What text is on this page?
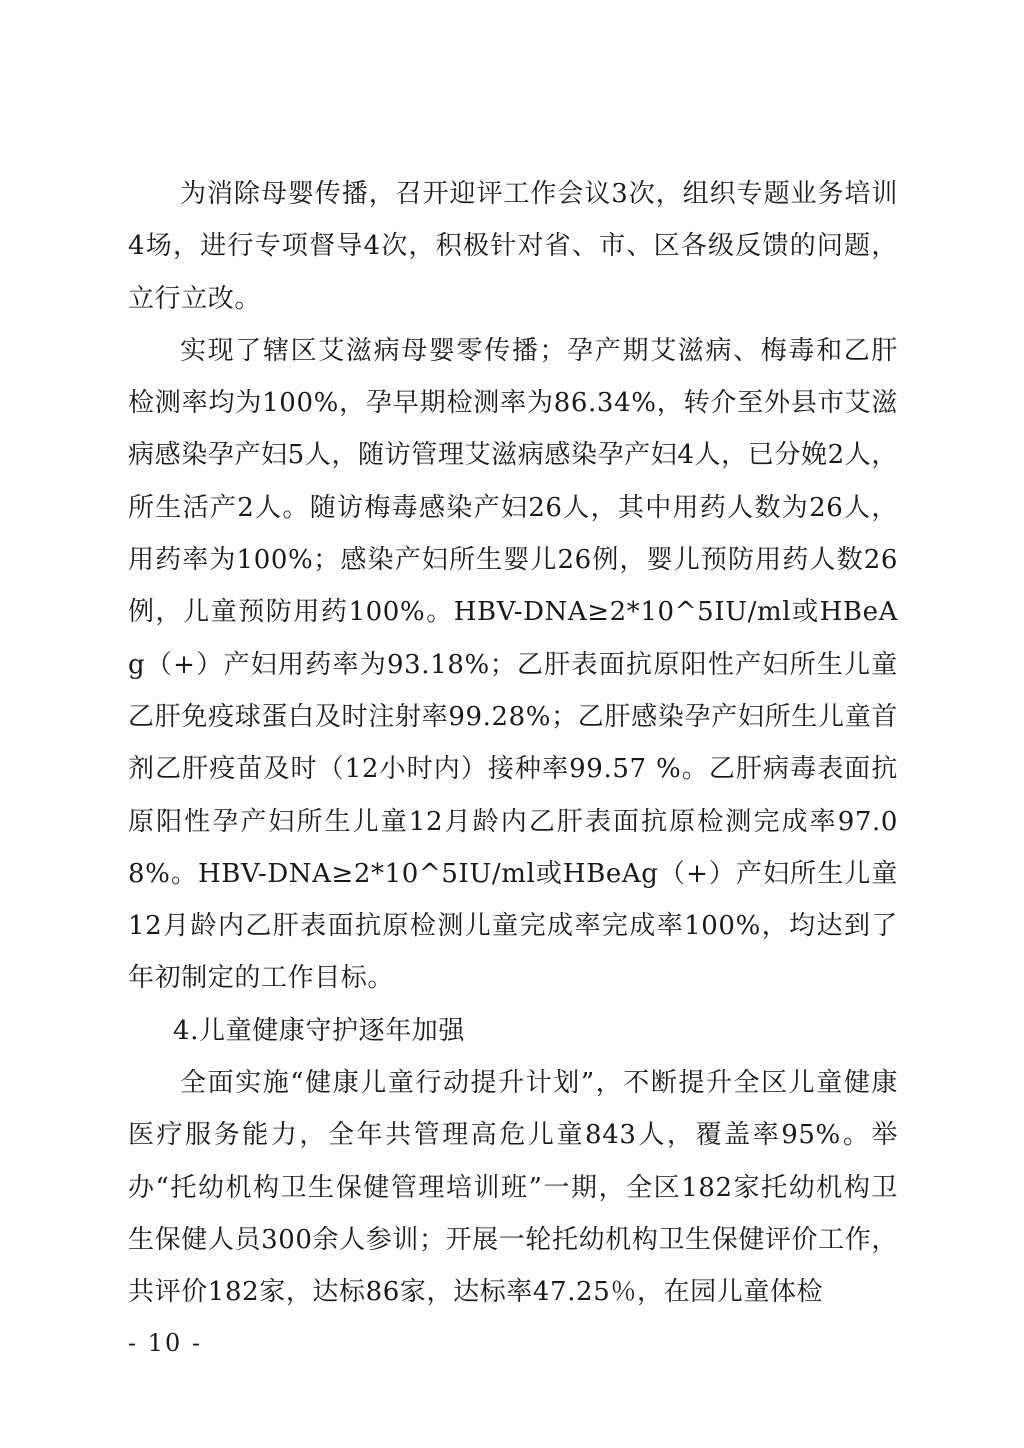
为消除母婴传播，召开迎评工作会议3次，组织专题业务培训4场，进行专项督导4次，积极针对省、市、区各级反馈的问题，立行立改。

实现了辖区艾滋病母婴零传播；孕产期艾滋病、梅毒和乙肝检测率均为100%，孕早期检测率为86.34%，转介至外县市艾滋病感染孕产妇5人，随访管理艾滋病感染孕产妇4人，已分娩2人，所生活产2人。随访梅毒感染产妇26人，其中用药人数为26人，用药率为100%；感染产妇所生婴儿26例，婴儿预防用药人数26例，儿童预防用药100%。HBV-DNA≥2*10^5IU/ml或HBeAg（+）产妇用药率为93.18%；乙肝表面抗原阳性产妇所生儿童乙肝免疫球蛋白及时注射率99.28%；乙肝感染孕产妇所生儿童首剂乙肝疫苗及时（12小时内）接种率99.57 %。乙肝病毒表面抗原阳性孕产妇所生儿童12月龄内乙肝表面抗原检测完成率97.08%。HBV-DNA≥2*10^5IU/ml或HBeAg（+）产妇所生儿童12月龄内乙肝表面抗原检测儿童完成率完成率100%，均达到了年初制定的工作目标。

4.儿童健康守护逐年加强

全面实施“健康儿童行动提升计划”，不断提升全区儿童健康医疗服务能力，全年共管理高危儿童843人，覆盖率95%。举办“托幼机构卫生保健管理培训班”一期，全区182家托幼机构卫生保健人员300余人参训；开展一轮托幼机构卫生保健评价工作，共评价182家，达标86家，达标率47.25％，在园儿童体检

- 10 -
